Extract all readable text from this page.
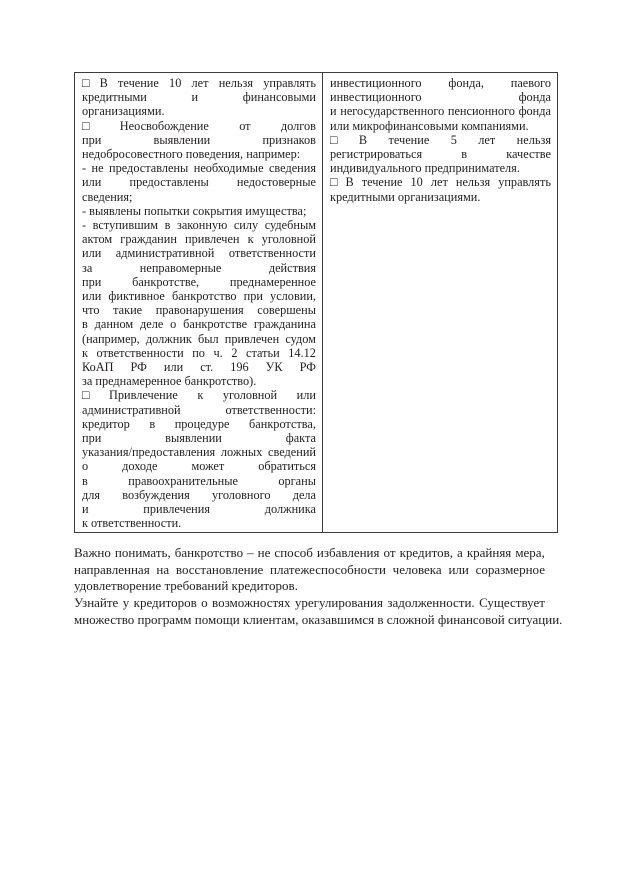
□ В течение 10 лет нельзя управлять
кредитными	и	финансовыми
организациями.
□ Неосвобождение от долгов
при	выявлении	признаков
недобросовестного поведения, например:
- не предоставлены необходимые сведения
или предоставлены недостоверные
сведения;
- выявлены попытки сокрытия имущества;
- вступившим в законную силу судебным
актом гражданин привлечен к уголовной
или административной ответственности
за	неправомерные	действия
при	банкротстве,	преднамеренное
или фиктивное банкротство при условии,
что такие правонарушения совершены
в данном деле о банкротстве гражданина
(например, должник был привлечен судом
к ответственности по ч. 2 статьи 14.12
КоАП РФ или ст. 196 УК РФ
за преднамеренное банкротство).
□ Привлечение к уголовной или
административной	ответственности:
кредитор в процедуре банкротства,
при	выявлении	факта
указания/предоставления ложных сведений
о	доходе	может	обратиться
в	правоохранительные	органы
для возбуждения уголовного дела
и	привлечения	должника
к ответственности.
инвестиционного фонда, паевого
инвестиционного	фонда
и негосударственного пенсионного фонда
или микрофинансовыми компаниями.
□ В течение 5 лет нельзя
регистрироваться	в	качестве
индивидуального предпринимателя.
□ В течение 10 лет нельзя управлять
кредитными организациями.
Важно понимать, банкротство – не способ избавления от кредитов, а крайняя мера,
направленная на восстановление платежеспособности человека или соразмерное
удовлетворение требований кредиторов.
Узнайте у кредиторов о возможностях урегулирования задолженности. Существует
множество программ помощи клиентам, оказавшимся в сложной финансовой ситуации.
